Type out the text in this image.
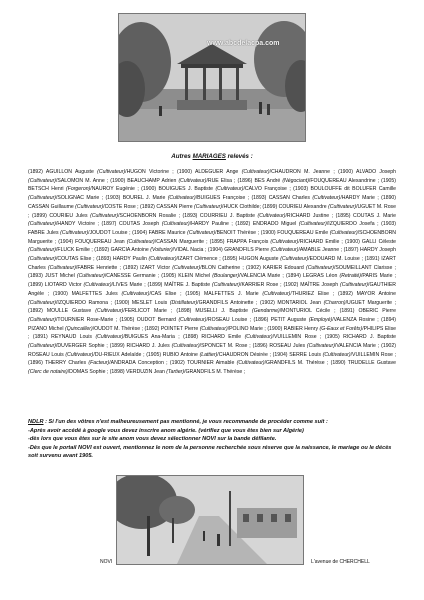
www.abcdelacpa.com
Autres MARIAGES relevés :

(1892) AGUILLON Auguste (Cultivateur)/HUGON Victorine ; (1900) ALDEGUER Ange (Cultivateur)/CHAUDRON M. Jeanne ; (1900) ALVADO Joseph (Cultivateur)/SALOMON M. Anne ; (1900) BEAUCHAMP Adrien (Cultivateur)/RUE Elisa ; (1896) BES André (Négociant)/FOUQUEREAU Alexandrine ; (1905) BETSCH Henri (Forgeron)/NAUROY Eugénie ; (1900) BOUIGUES J. Baptiste (Cultivateur)/CALVO Françoise ; (1903) BOULOUFFE dit BOLUFER Camille (Cultivateur)/SOLIGNAC Marie ; (1903) BOUREL J. Marie (Cultivateur)/BUIGUES Françoise ; (1893) CASSAN Charles (Cultivateur)/HARDY Marie ; (1890) CASSAN Guillaume (Cultivateur)/COSTE Rose ; (1892) CASSAN Pierre (Cultivateur)/HUCK Clothilde; (1899) COURIEU Alexandre (Cultivateur)/UGUET M. Rose ; (1899) COURIEU Jules (Cultivateur)/SCHOENBORN Rosalie ; (1893) COURRIEU J. Baptiste (Cultivateur)/RICHARD Justine ; (1895) COUTAS J. Marie (Cultivateur)/HANDY Victoire ; (1897) COUTAS Joseph (Cultivateur)/HARDY Pauline ; (1892) ENDRADO Miguel (Cultivateur)/IZQUIERDO Josefa ; (1903) FABRE Jules (Cultivateur)/JOUDOT Louise ; (1904) FABRE Maurice (Cultivateur)/BENOIT Thérèse ; (1900) FOUQUEREAU Emile (Cultivateur)/SCHOENBORN Marguerite ; (1904) FOUQUEREAU Jean (Cultivateur)/CASSAN Marguerite ; (1895) FRAPPA François (Cultivateur)/RICHARD Emilie ; (1900) GALLI Céleste (Cultivateur)/FLUCK Emilie ; (1892) GARCIA Antoine (Voiturier)/VIDAL Nacia ; (1904) GRANDFILS Pierre (Cultivateur)/AMABLE Jeanne ; (1897) HARDY Joseph (Cultivateur)/COUTAS Elise ; (1893) HARDY Paulin (Cultivateur)/IZART Clémence ; (1895) HUGON Auguste (Cultivateur)/EDOUARD M. Louise ; (1891) IZART Charles (Cultivateur)/FABRE Henriette ; (1892) IZART Victor (Cultivateur)/BLON Catherine ; (1902) KARIER Edouard (Cultivateur)/SOUMEILLANT Clarisse ; (1893) JUST Michel (Cultivateur)/CANESSE Germanie ; (1905) KLEIN Michel (Boulanger)/VALENCIA Marie ; (1894) LEGRAS Léon (Retraité)/PARIS Marie ; (1899) LIOTARD Victor (Cultivateur)/LIVES Marie ; (1899) MAÎTRE J. Baptiste (Cultivateur)/KARRIER Rose ; (1902) MAÎTRE Joseph (Cultivateur)/GAUTHIER Angèle ; (1900) MALFETTES Jules (Cultivateur)/CAS Elise ; (1905) MALFETTES J. Marie (Cultivateur)/THURIEZ Elise ; (1892) MAYOR Antoine (Cultivateur)/IZQUIERDO Ramona ; (1900) MESLET Louis (Distillateur)/GRANDFILS Antoinette ; (1902) MONTARIOL Jean (Charron)/UGUET Marguerite ; (1892) MOULLE Gustave (Cultivateur)/FERLICOT Marie ; (1898) MUSELLI J. Baptiste (Gendarme)/MONTURIOL Cécile ; (1891) OBERIC Pierre (Cultivateur)/TOURNIER Rose-Marie ; (1905) OUDOT Bernard (Cultivateur)/ROSEAU Louise ; (1896) PETIT Auguste (Employé)/VALENZA Rosine ; (1894) PIZANO Michel (Quincailler)/OUDOT M. Thérèse ; (1892) POINTET Pierre (Cultivateur)/POLINO Marie ; (1900) RABIER Henry (G-Eaux et Forêts)/PHILIPS Elise ; (1891) REYNAUD Louis (Cultivateur)/BUIGUES Ana-Maria ; (1898) RICHARD Emile (Cultivateur)/VUILLEMIN Rose ; (1905) RICHARD J. Baptiste (Cultivateur)/DUVERGER Sophie ; (1899) RICHARD J. Jules (Cultivateur)/SPONCET M. Rose ; (1896) ROSEAU Jules (Cultivateur)/VALENCIA Marie ; (1902) ROSEAU Louis (Cultivateur)/DU-RIEUX Adelaïde ; (1905) RUBIO Antoine (Lattier)/CHAUDRON Désirée ; (1904) SERRE Louis (Cultivateur)/VUILLEMIN Rose ; (1896) THERRY Charles (Facteur)/ANDRADA Conception ; (1902) TOURNIER Aimable (Cultivateur)/GRANDFILS M. Thérèse ; (1890) TRUDELLE Gustave (Clerc de notaire)/DOMAS Sophie ; (1898) VERDUZIN Jean (Tartier)/GRANDFILS M. Thérèse ;

NDLR : Si l'un des vôtres n'est malheureusement pas mentionné, je vous recommande de procéder comme suit :
-Après avoir accédé à google vous devez inscrire anom algérie. (vérifiez que vous êtes bien sur Algérie)
-dès lors que vous êtes sur le site anom vous devez sélectionner NOVI sur la bande défilante.
-Dès que le portail NOVI est ouvert, mentionnez le nom de la personne recherchée sous réserve que la naissance, le mariage ou le décès soit survenu avant 1905.

NOVI	L'avenue de CHERCHELL
